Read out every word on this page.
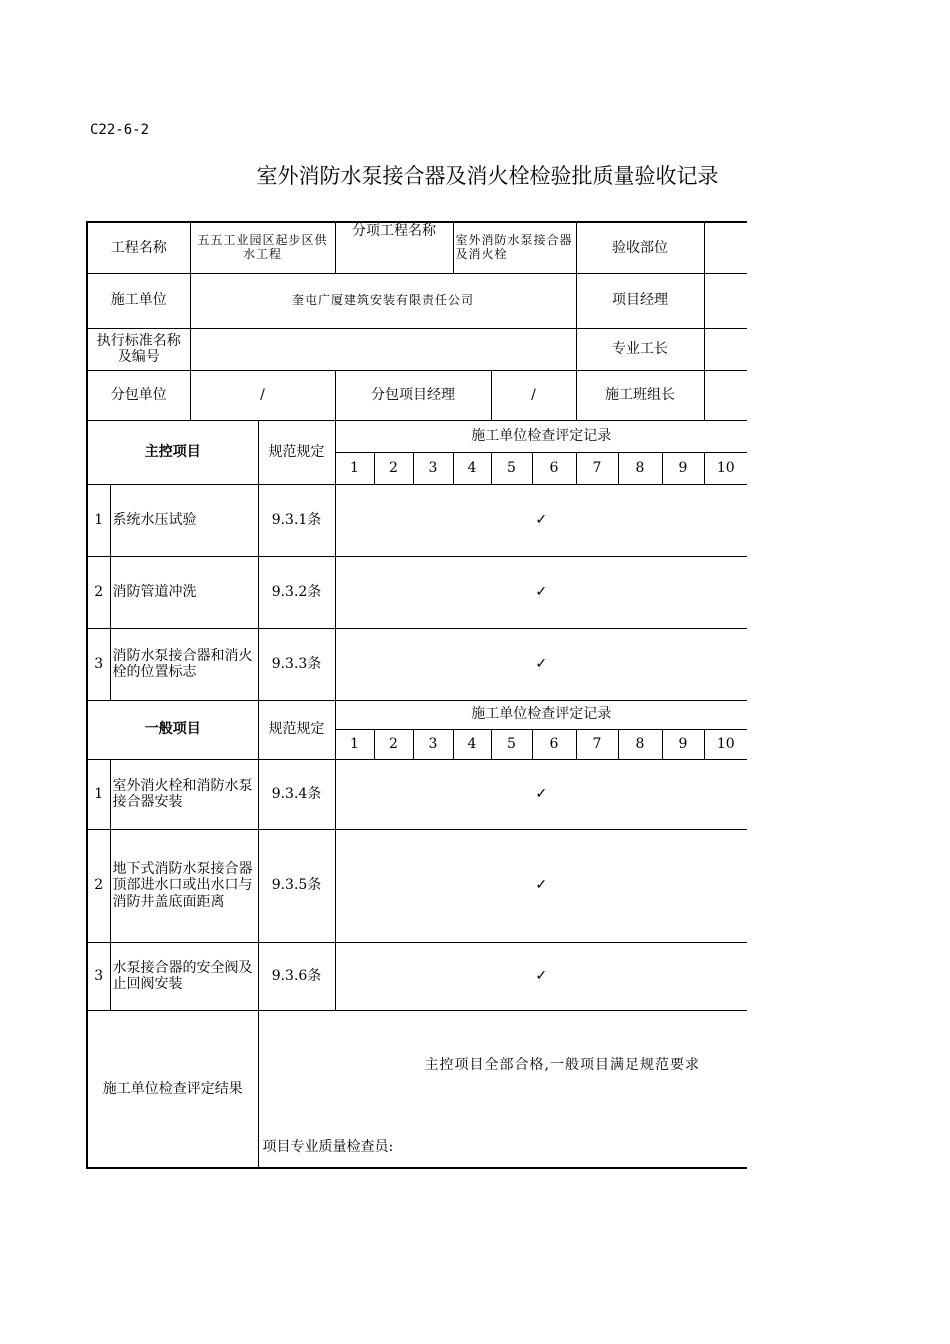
C22-6-2
室外消防水泵接合器及消火栓检验批质量验收记录
工程名称		五五工业园区起步区供水工程		分项工程名称			室外消防水泵接合器及消火栓			验收部位			
施工单位		奎屯广厦建筑安装有限责任公司								项目经理			
执行标准名称及编号										专业工长			
分包单位		/		分包项目经理				/		施工班组长			
主控项目			规范规定	施工单位检查评定记录									
				1	2	3	4	5	6	7	8	9	10
1	系统水压试验		9.3.1条	✓									
2	消防管道冲洗		9.3.2条	✓									
3	消防水泵接合器和消火栓的位置标志		9.3.3条	✓									
一般项目			规范规定	施工单位检查评定记录									
				1	2	3	4	5	6	7	8	9	10
1	室外消火栓和消防水泵接合器安装		9.3.4条	✓									
2	地下式消防水泵接合器顶部进水口或出水口与消防井盖底面距离		9.3.5条	✓									
3	水泵接合器的安全阀及止回阀安装		9.3.6条	✓									
施工单位检查评定结果			主控项目全部合格,一般项目满足规范要求
项目专业质量检查员:										
